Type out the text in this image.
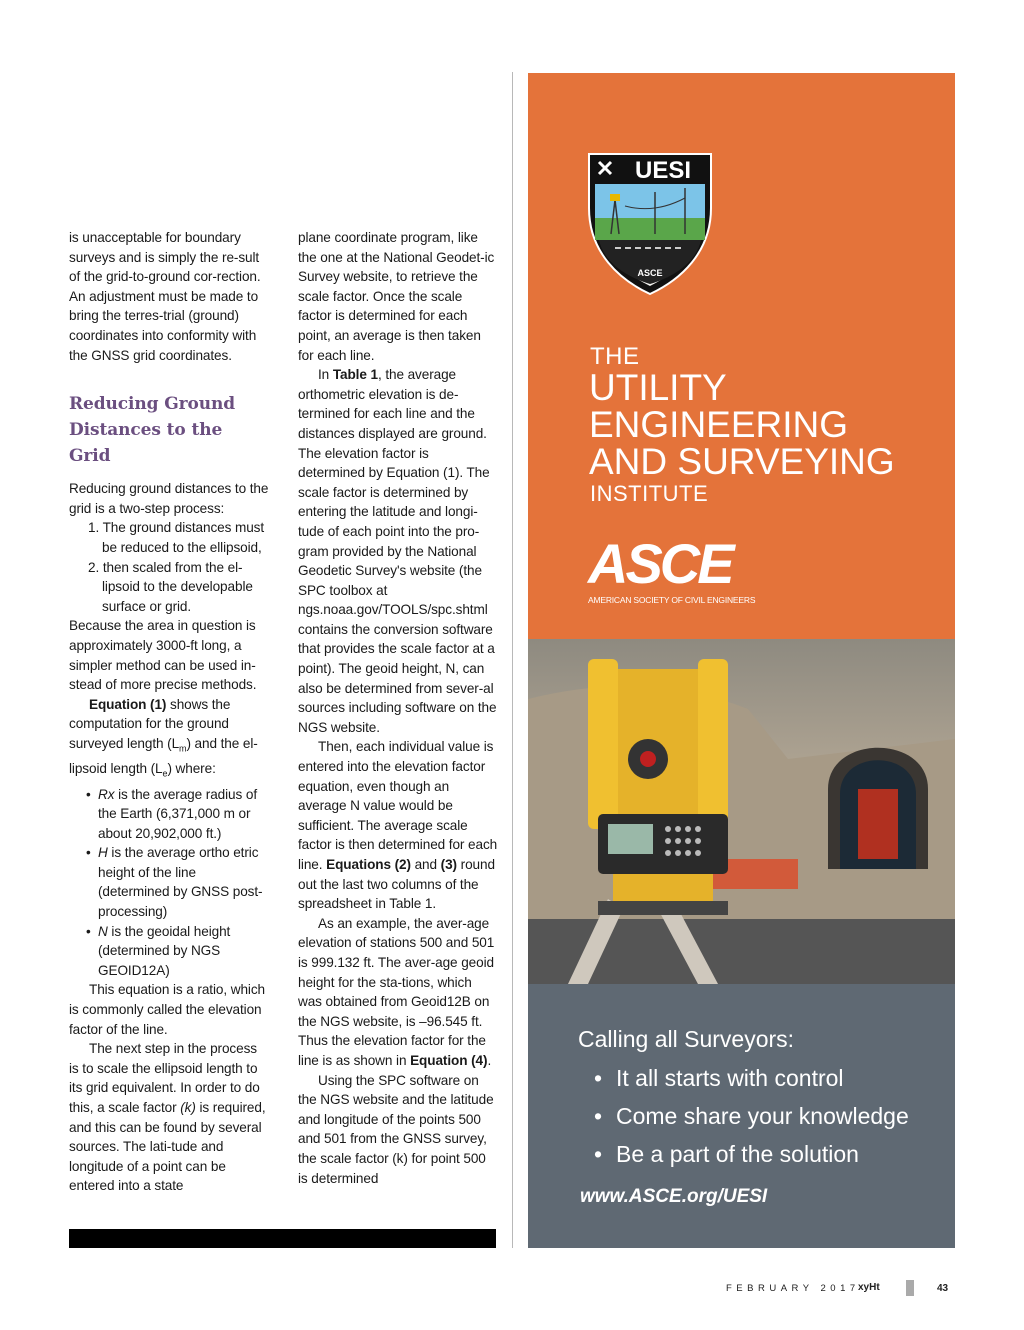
is unacceptable for boundary surveys and is simply the re-sult of the grid-to-ground cor-rection. An adjustment must be made to bring the terres-trial (ground) coordinates into conformity with the GNSS grid coordinates.

Reducing Ground Distances to the Grid

Reducing ground distances to the grid is a two-step process:

1. The ground distances must be reduced to the ellipsoid,

2. then scaled from the el-lipsoid to the developable surface or grid.

Because the area in question is approximately 3000-ft long, a simpler method can be used in-stead of more precise methods.

Equation (1) shows the computation for the ground surveyed length $(L_m)$ and the el-lipsoid length $(L_e)$ where:

• Rx is the average radius of the Earth (6,371,000 m or about 20,902,000 ft.)

• H is the average ortho etric height of the line (determined by GNSS post-processing)

• N is the geoidal height (determined by NGS GEOID12A)

This equation is a ratio, which is commonly called the elevation factor of the line.

The next step in the process is to scale the ellipsoid length to its grid equivalent. In order to do this, a scale factor (k) is required, and this can be found by several sources. The lati-tude and longitude of a point can be entered into a state

plane coordinate program, like the one at the National Geodet-ic Survey website, to retrieve the scale factor. Once the scale factor is determined for each point, an average is then taken for each line.

In Table 1, the average orthometric elevation is de-termined for each line and the distances displayed are ground. The elevation factor is determined by Equation (1). The scale factor is determined by entering the latitude and longi-tude of each point into the pro-gram provided by the National Geodetic Survey's website (the SPC toolbox at ngs.noaa.gov/TOOLS/spc.shtml contains the conversion software that provides the scale factor at a point). The geoid height, N, can also be determined from sever-al sources including software on the NGS website.

Then, each individual value is entered into the elevation factor equation, even though an average N value would be sufficient. The average scale factor is then determined for each line. Equations (2) and (3) round out the last two columns of the spreadsheet in Table 1.

As an example, the aver-age elevation of stations 500 and 501 is 999.132 ft. The aver-age geoid height for the sta-tions, which was obtained from Geoid12B on the NGS website, is –96.545 ft. Thus the elevation factor for the line is as shown in Equation (4).

Using the SPC software on the NGS website and the latitude and longitude of the points 500 and 501 from the GNSS survey, the scale factor (k) for point 500 is determined

UESI
ASCE
THE
UTILITY
ENGINEERING
AND SURVEYING
INSTITUTE
ASCE
AMERICAN SOCIETY OF CIVIL ENGINEERS
Calling all Surveyors:
• It all starts with control
• Come share your knowledge
• Be a part of the solution
www.ASCE.org/UESI
FEBRUARY 2017
xyHt	43
